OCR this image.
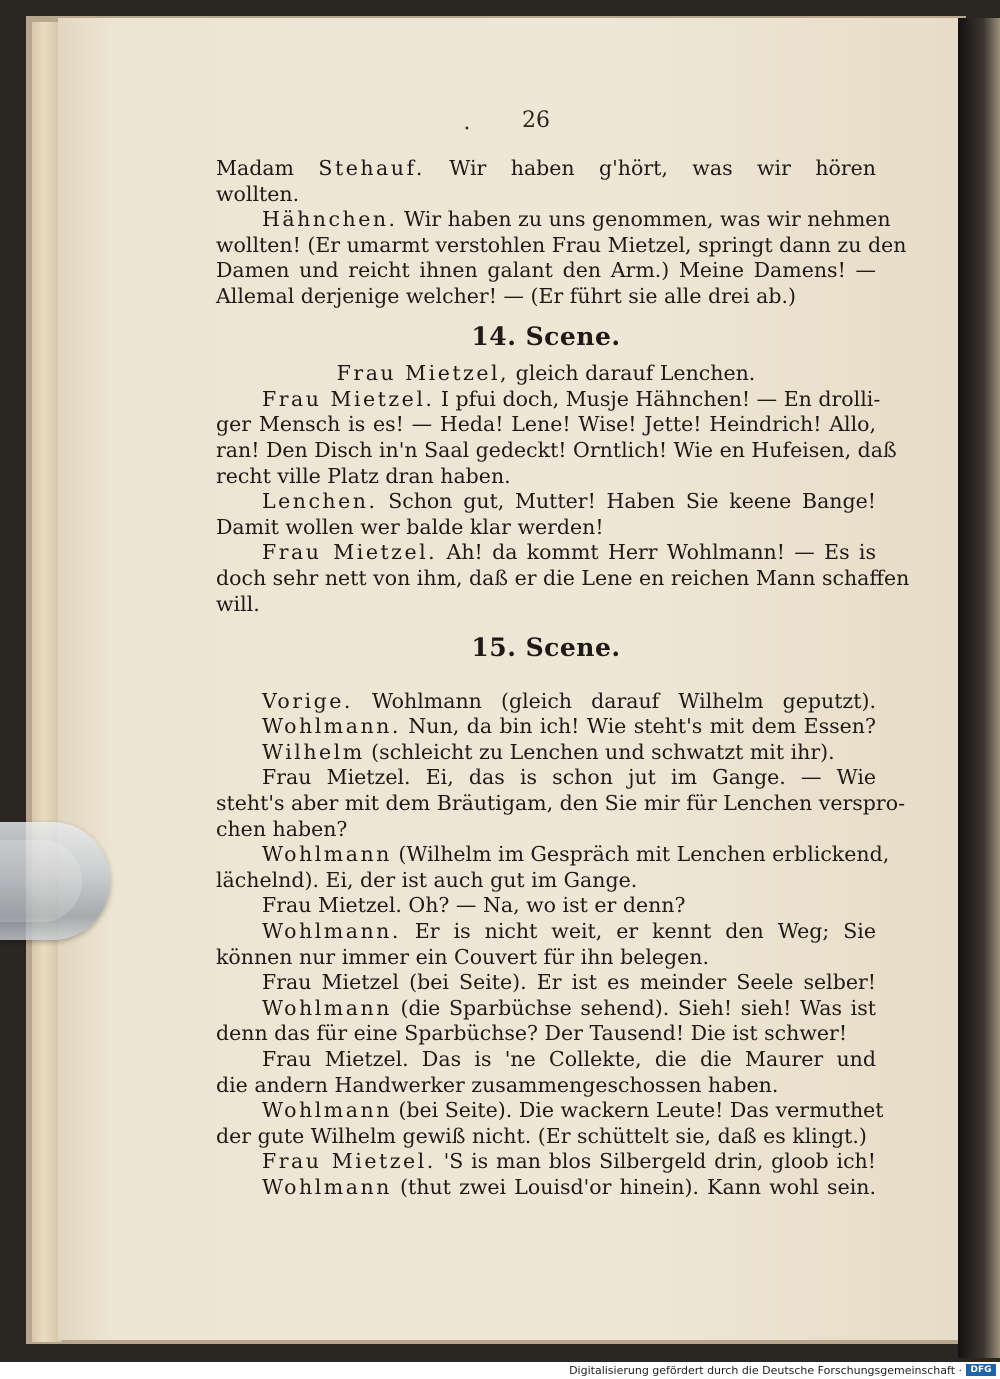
• 26
Madam Stehauf. Wir haben g'hört, was wir hören
wollten.
Hähnchen. Wir haben zu uns genommen, was wir nehmen
wollten! (Er umarmt verstohlen Frau Mietzel, springt dann zu den
Damen und reicht ihnen galant den Arm.) Meine Damens! —
Allemal derjenige welcher! — (Er führt sie alle drei ab.)
14. Scene.
Frau Mietzel, gleich darauf Lenchen.
Frau Mietzel. I pfui doch, Musje Hähnchen! — En drolli-
ger Mensch is es! — Heda! Lene! Wise! Jette! Heindrich! Allo,
ran! Den Disch in'n Saal gedeckt! Orntlich! Wie en Hufeisen, daß
recht ville Platz dran haben.
Lenchen. Schon gut, Mutter! Haben Sie keene Bange!
Damit wollen wer balde klar werden!
Frau Mietzel. Ah! da kommt Herr Wohlmann! — Es is
doch sehr nett von ihm, daß er die Lene en reichen Mann schaffen
will.
15. Scene.
Vorige. Wohlmann (gleich darauf Wilhelm geputzt).
Wohlmann. Nun, da bin ich! Wie steht's mit dem Essen?
Wilhelm (schleicht zu Lenchen und schwatzt mit ihr).
Frau Mietzel. Ei, das is schon jut im Gange. — Wie
steht's aber mit dem Bräutigam, den Sie mir für Lenchen verspro-
chen haben?
Wohlmann (Wilhelm im Gespräch mit Lenchen erblickend,
lächelnd). Ei, der ist auch gut im Gange.
Frau Mietzel. Oh? — Na, wo ist er denn?
Wohlmann. Er is nicht weit, er kennt den Weg; Sie
können nur immer ein Couvert für ihn belegen.
Frau Mietzel (bei Seite). Er ist es meinder Seele selber!
Wohlmann (die Sparbüchse sehend). Sieh! sieh! Was ist
denn das für eine Sparbüchse? Der Tausend! Die ist schwer!
Frau Mietzel. Das is 'ne Collekte, die die Maurer und
die andern Handwerker zusammengeschossen haben.
Wohlmann (bei Seite). Die wackern Leute! Das vermuthet
der gute Wilhelm gewiß nicht. (Er schüttelt sie, daß es klingt.)
Frau Mietzel. 'S is man blos Silbergeld drin, gloob ich!
Wohlmann (thut zwei Louisd'or hinein). Kann wohl sein.
Digitalisierung gefördert durch die Deutsche Forschungsgemeinschaft · DFG
